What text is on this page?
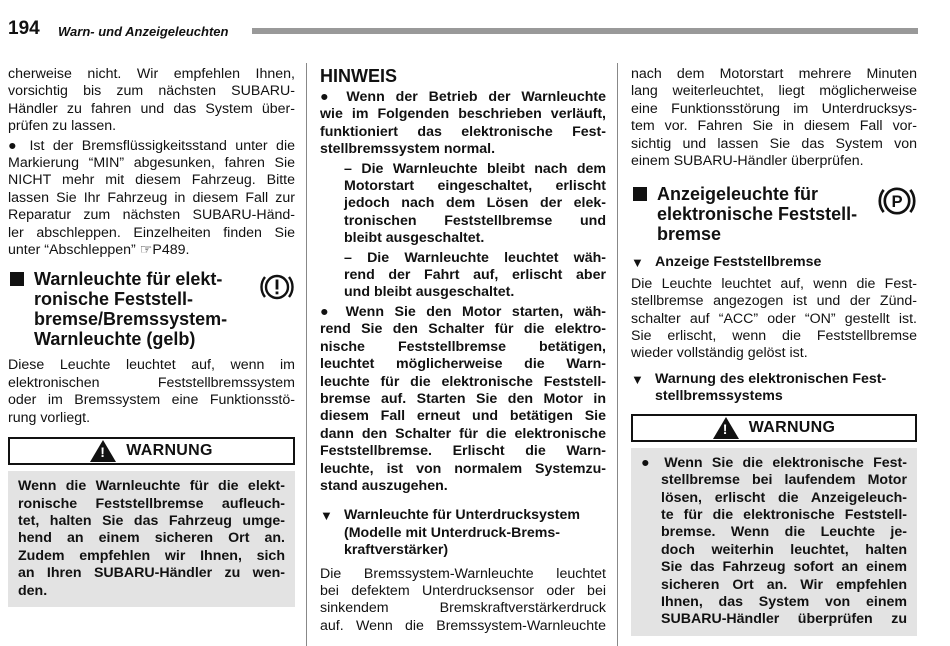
194 Warn- und Anzeigeleuchten
cherweise nicht. Wir empfehlen Ihnen,
vorsichtig bis zum nächsten SUBARU-
Händler zu fahren und das System über-
prüfen zu lassen.
● Ist der Bremsflüssigkeitsstand unter die
Markierung “MIN” abgesunken, fahren Sie
NICHT mehr mit diesem Fahrzeug. Bitte
lassen Sie Ihr Fahrzeug in diesem Fall zur
Reparatur zum nächsten SUBARU-Händ-
ler abschleppen. Einzelheiten finden Sie
unter “Abschleppen” ☞P489.
Warnleuchte für elekt-
ronische Feststell-
bremse/Bremssystem-
Warnleuchte (gelb)
Diese Leuchte leuchtet auf, wenn im
elektronischen Feststellbremssystem
oder im Bremssystem eine Funktionsstö-
rung vorliegt.
! WARNUNG
Wenn die Warnleuchte für die elekt-
ronische Feststellbremse aufleuch-
tet, halten Sie das Fahrzeug umge-
hend an einem sicheren Ort an.
Zudem empfehlen wir Ihnen, sich
an Ihren SUBARU-Händler zu wen-
den.
HINWEIS
● Wenn der Betrieb der Warnleuchte
wie im Folgenden beschrieben verläuft,
funktioniert das elektronische Fest-
stellbremssystem normal.
– Die Warnleuchte bleibt nach dem
Motorstart eingeschaltet, erlischt
jedoch nach dem Lösen der elek-
tronischen Feststellbremse und
bleibt ausgeschaltet.
– Die Warnleuchte leuchtet wäh-
rend der Fahrt auf, erlischt aber
und bleibt ausgeschaltet.
● Wenn Sie den Motor starten, wäh-
rend Sie den Schalter für die elektro-
nische Feststellbremse betätigen,
leuchtet möglicherweise die Warn-
leuchte für die elektronische Feststell-
bremse auf. Starten Sie den Motor in
diesem Fall erneut und betätigen Sie
dann den Schalter für die elektronische
Feststellbremse. Erlischt die Warn-
leuchte, ist von normalem Systemzu-
stand auszugehen.
▼ Warnleuchte für Unterdrucksystem
(Modelle mit Unterdruck-Brems-
kraftverstärker)
Die Bremssystem-Warnleuchte leuchtet
bei defektem Unterdrucksensor oder bei
sinkendem Bremskraftverstärkerdruck
auf. Wenn die Bremssystem-Warnleuchte
nach dem Motorstart mehrere Minuten
lang weiterleuchtet, liegt möglicherweise
eine Funktionsstörung im Unterdrucksys-
tem vor. Fahren Sie in diesem Fall vor-
sichtig und lassen Sie das System von
einem SUBARU-Händler überprüfen.
Anzeigeleuchte für
elektronische Feststell-
bremse
P
▼ Anzeige Feststellbremse
Die Leuchte leuchtet auf, wenn die Fest-
stellbremse angezogen ist und der Zünd-
schalter auf “ACC” oder “ON” gestellt ist.
Sie erlischt, wenn die Feststellbremse
wieder vollständig gelöst ist.
▼ Warnung des elektronischen Fest-
stellbremssystems
! WARNUNG
● Wenn Sie die elektronische Fest-
stellbremse bei laufendem Motor
lösen, erlischt die Anzeigeleuch-
te für die elektronische Feststell-
bremse. Wenn die Leuchte je-
doch weiterhin leuchtet, halten
Sie das Fahrzeug sofort an einem
sicheren Ort an. Wir empfehlen
Ihnen, das System von einem
SUBARU-Händler überprüfen zu
